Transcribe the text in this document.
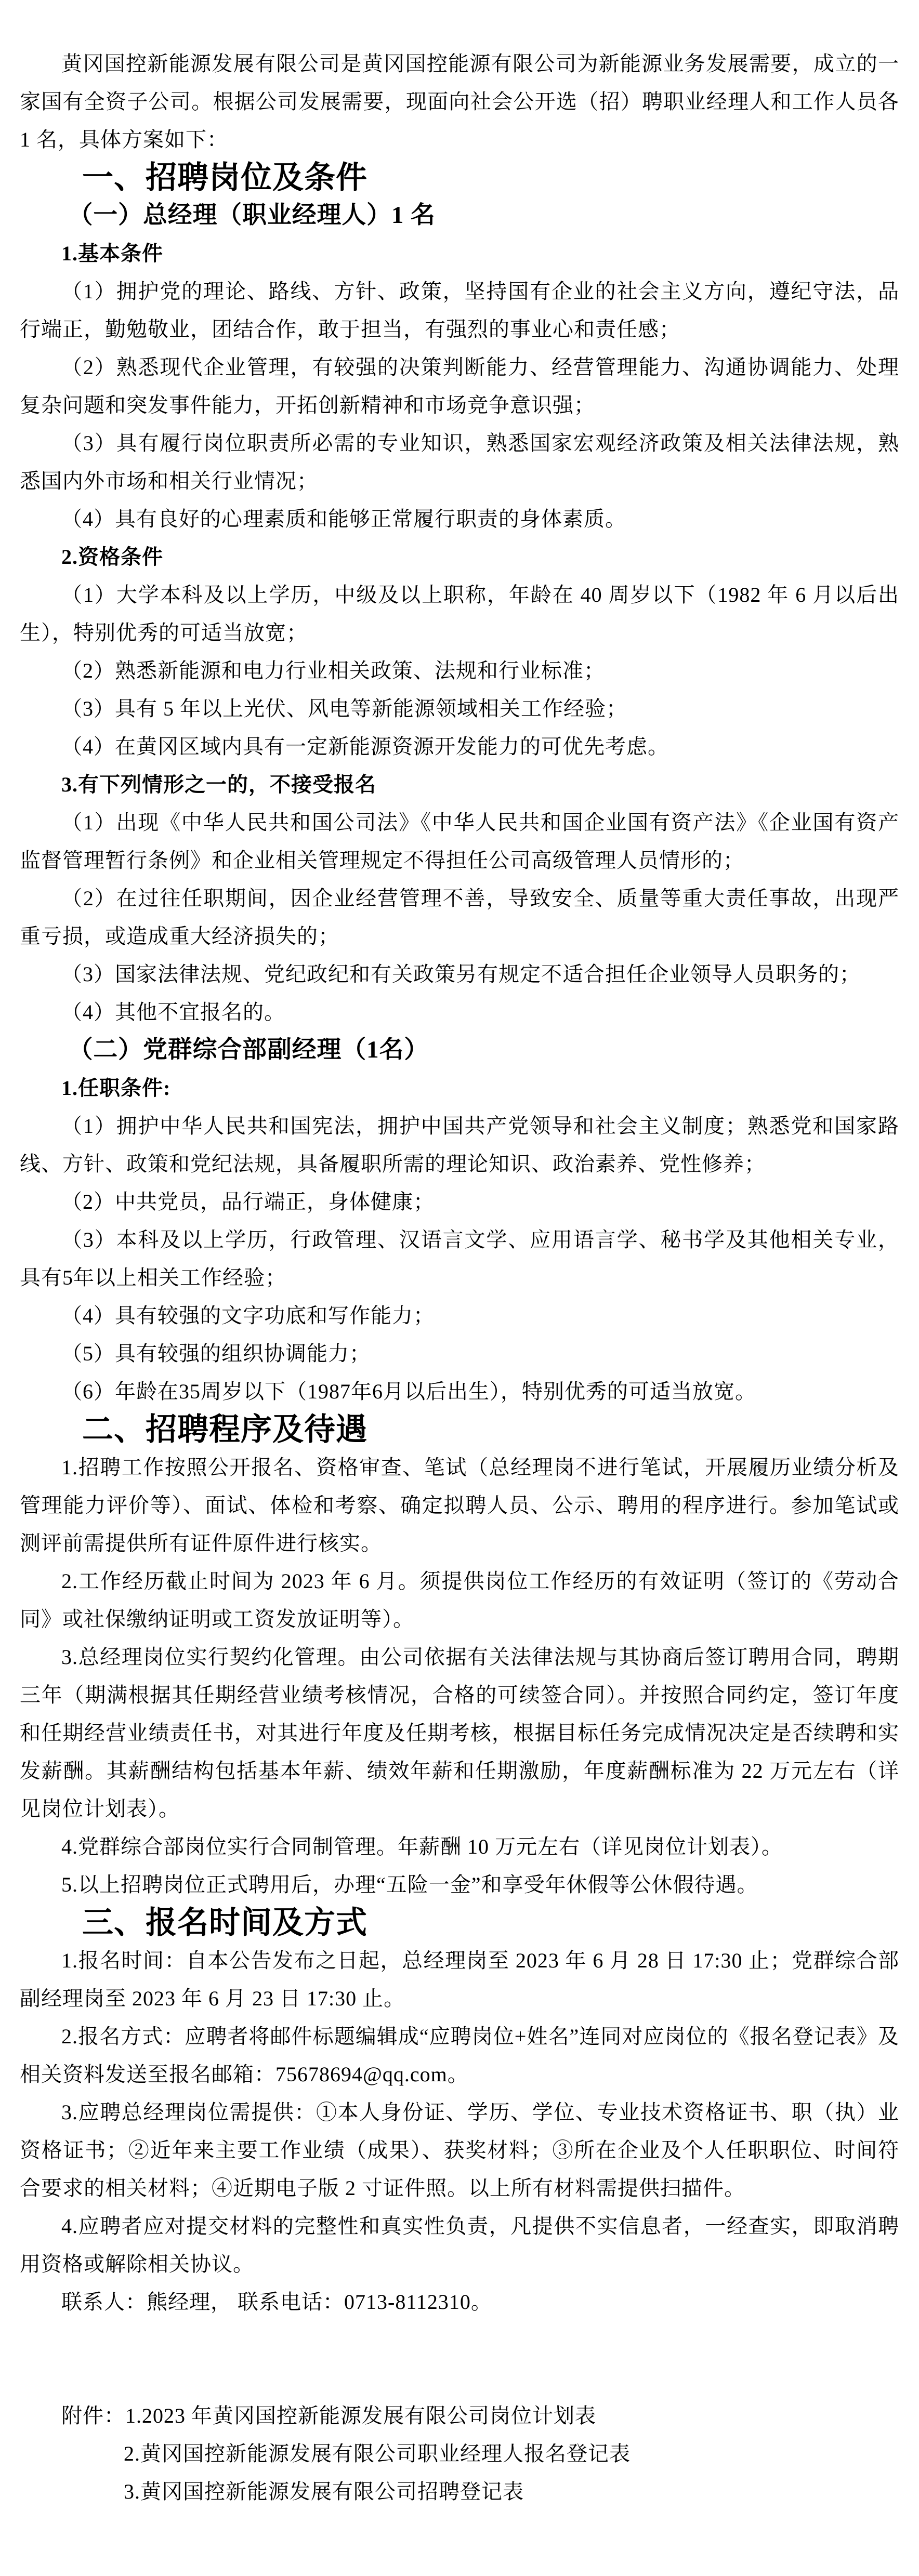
黄冈国控新能源发展有限公司是黄冈国控能源有限公司为新能源业务发展需要，成立的一家国有全资子公司。根据公司发展需要，现面向社会公开选（招）聘职业经理人和工作人员各 1 名，具体方案如下：

一、招聘岗位及条件
（一）总经理（职业经理人）1 名
1.基本条件

（1）拥护党的理论、路线、方针、政策，坚持国有企业的社会主义方向，遵纪守法，品行端正，勤勉敬业，团结合作，敢于担当，有强烈的事业心和责任感；

（2）熟悉现代企业管理，有较强的决策判断能力、经营管理能力、沟通协调能力、处理复杂问题和突发事件能力，开拓创新精神和市场竞争意识强；

（3）具有履行岗位职责所必需的专业知识，熟悉国家宏观经济政策及相关法律法规，熟悉国内外市场和相关行业情况；

（4）具有良好的心理素质和能够正常履行职责的身体素质。

2.资格条件

（1）大学本科及以上学历，中级及以上职称，年龄在 40 周岁以下（1982 年 6 月以后出生），特别优秀的可适当放宽；

（2）熟悉新能源和电力行业相关政策、法规和行业标准；

（3）具有 5 年以上光伏、风电等新能源领域相关工作经验；

（4）在黄冈区域内具有一定新能源资源开发能力的可优先考虑。

3.有下列情形之一的，不接受报名

（1）出现《中华人民共和国公司法》《中华人民共和国企业国有资产法》《企业国有资产监督管理暂行条例》和企业相关管理规定不得担任公司高级管理人员情形的；

（2）在过往任职期间，因企业经营管理不善，导致安全、质量等重大责任事故，出现严重亏损，或造成重大经济损失的；

（3）国家法律法规、党纪政纪和有关政策另有规定不适合担任企业领导人员职务的；

（4）其他不宜报名的。

（二）党群综合部副经理（1名）
1.任职条件:

（1）拥护中华人民共和国宪法，拥护中国共产党领导和社会主义制度；熟悉党和国家路线、方针、政策和党纪法规，具备履职所需的理论知识、政治素养、党性修养；

（2）中共党员，品行端正，身体健康；

（3）本科及以上学历，行政管理、汉语言文学、应用语言学、秘书学及其他相关专业，具有5年以上相关工作经验；

（4）具有较强的文字功底和写作能力；

（5）具有较强的组织协调能力；

（6）年龄在35周岁以下（1987年6月以后出生），特别优秀的可适当放宽。

二、招聘程序及待遇

1.招聘工作按照公开报名、资格审查、笔试（总经理岗不进行笔试，开展履历业绩分析及管理能力评价等）、面试、体检和考察、确定拟聘人员、公示、聘用的程序进行。参加笔试或测评前需提供所有证件原件进行核实。

2.工作经历截止时间为 2023 年 6 月。须提供岗位工作经历的有效证明（签订的《劳动合同》或社保缴纳证明或工资发放证明等）。

3.总经理岗位实行契约化管理。由公司依据有关法律法规与其协商后签订聘用合同，聘期三年（期满根据其任期经营业绩考核情况，合格的可续签合同）。并按照合同约定，签订年度和任期经营业绩责任书，对其进行年度及任期考核，根据目标任务完成情况决定是否续聘和实发薪酬。其薪酬结构包括基本年薪、绩效年薪和任期激励，年度薪酬标准为 22 万元左右（详见岗位计划表）。

4.党群综合部岗位实行合同制管理。年薪酬 10 万元左右（详见岗位计划表）。

5.以上招聘岗位正式聘用后，办理“五险一金”和享受年休假等公休假待遇。

三、报名时间及方式

1.报名时间：自本公告发布之日起，总经理岗至 2023 年 6 月 28 日 17:30 止；党群综合部副经理岗至 2023 年 6 月 23 日 17:30 止。

2.报名方式：应聘者将邮件标题编辑成“应聘岗位+姓名”连同对应岗位的《报名登记表》及相关资料发送至报名邮箱：75678694@qq.com。

3.应聘总经理岗位需提供：①本人身份证、学历、学位、专业技术资格证书、职（执）业资格证书；②近年来主要工作业绩（成果）、获奖材料；③所在企业及个人任职职位、时间符合要求的相关材料；④近期电子版 2 寸证件照。以上所有材料需提供扫描件。

4.应聘者应对提交材料的完整性和真实性负责，凡提供不实信息者，一经查实，即取消聘用资格或解除相关协议。

联系人：熊经理， 联系电话：0713-8112310。

附件：1.2023 年黄冈国控新能源发展有限公司岗位计划表

2.黄冈国控新能源发展有限公司职业经理人报名登记表

3.黄冈国控新能源发展有限公司招聘登记表
